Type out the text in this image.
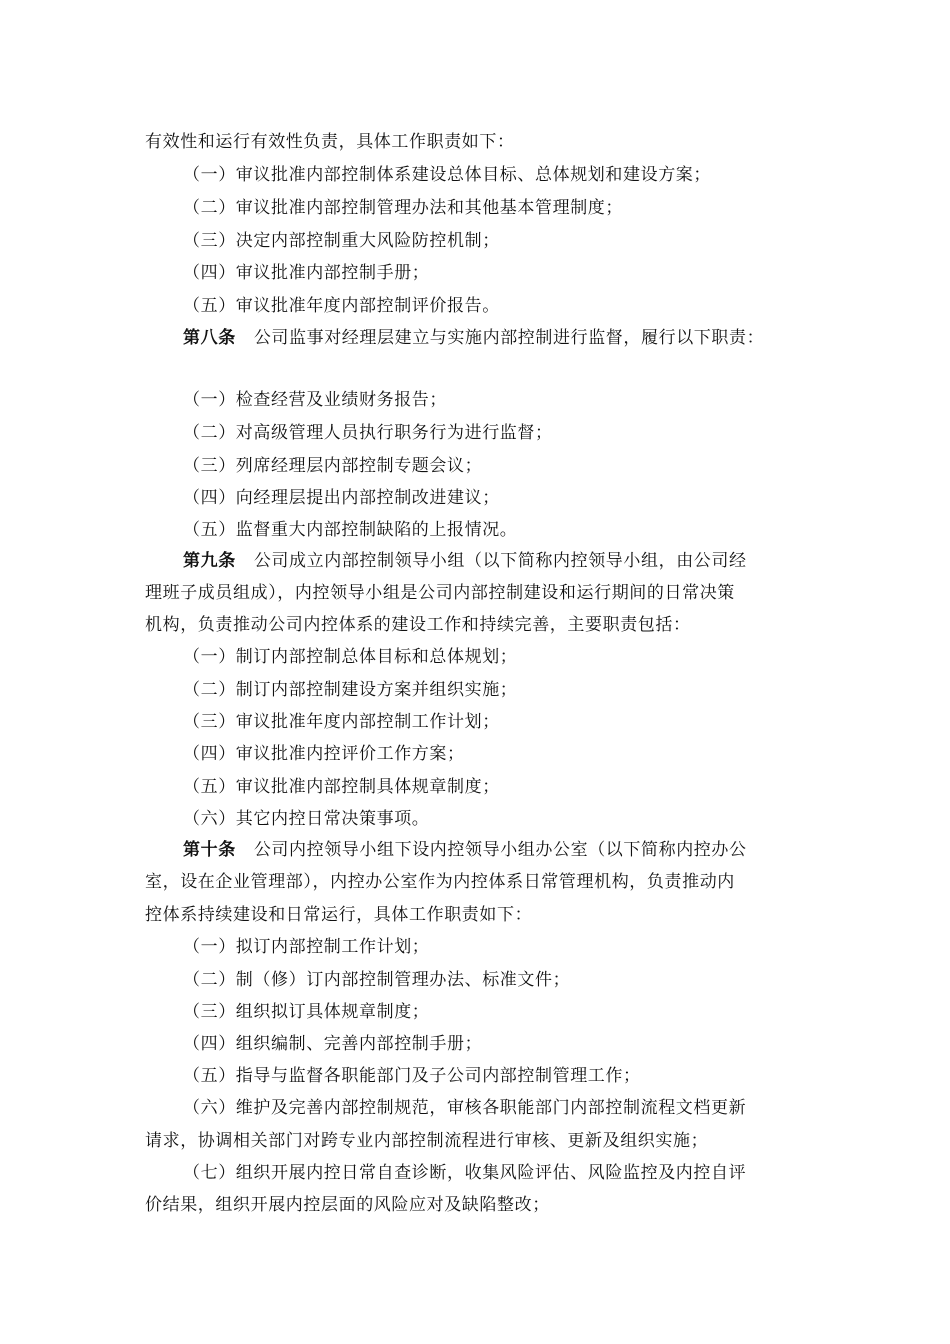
有效性和运行有效性负责，具体工作职责如下：
（一）审议批准内部控制体系建设总体目标、总体规划和建设方案；
（二）审议批准内部控制管理办法和其他基本管理制度；
（三）决定内部控制重大风险防控机制；
（四）审议批准内部控制手册；
（五）审议批准年度内部控制评价报告。
第八条 公司监事对经理层建立与实施内部控制进行监督，履行以下职责：
（一）检查经营及业绩财务报告；
（二）对高级管理人员执行职务行为进行监督；
（三）列席经理层内部控制专题会议；
（四）向经理层提出内部控制改进建议；
（五）监督重大内部控制缺陷的上报情况。
第九条 公司成立内部控制领导小组（以下简称内控领导小组，由公司经
理班子成员组成），内控领导小组是公司内部控制建设和运行期间的日常决策
机构，负责推动公司内控体系的建设工作和持续完善，主要职责包括：
（一）制订内部控制总体目标和总体规划；
（二）制订内部控制建设方案并组织实施；
（三）审议批准年度内部控制工作计划；
（四）审议批准内控评价工作方案；
（五）审议批准内部控制具体规章制度；
（六）其它内控日常决策事项。
第十条 公司内控领导小组下设内控领导小组办公室（以下简称内控办公
室，设在企业管理部），内控办公室作为内控体系日常管理机构，负责推动内
控体系持续建设和日常运行，具体工作职责如下：
（一）拟订内部控制工作计划；
（二）制（修）订内部控制管理办法、标准文件；
（三）组织拟订具体规章制度；
（四）组织编制、完善内部控制手册；
（五）指导与监督各职能部门及子公司内部控制管理工作；
（六）维护及完善内部控制规范，审核各职能部门内部控制流程文档更新
请求，协调相关部门对跨专业内部控制流程进行审核、更新及组织实施；
（七）组织开展内控日常自查诊断，收集风险评估、风险监控及内控自评
价结果，组织开展内控层面的风险应对及缺陷整改；
